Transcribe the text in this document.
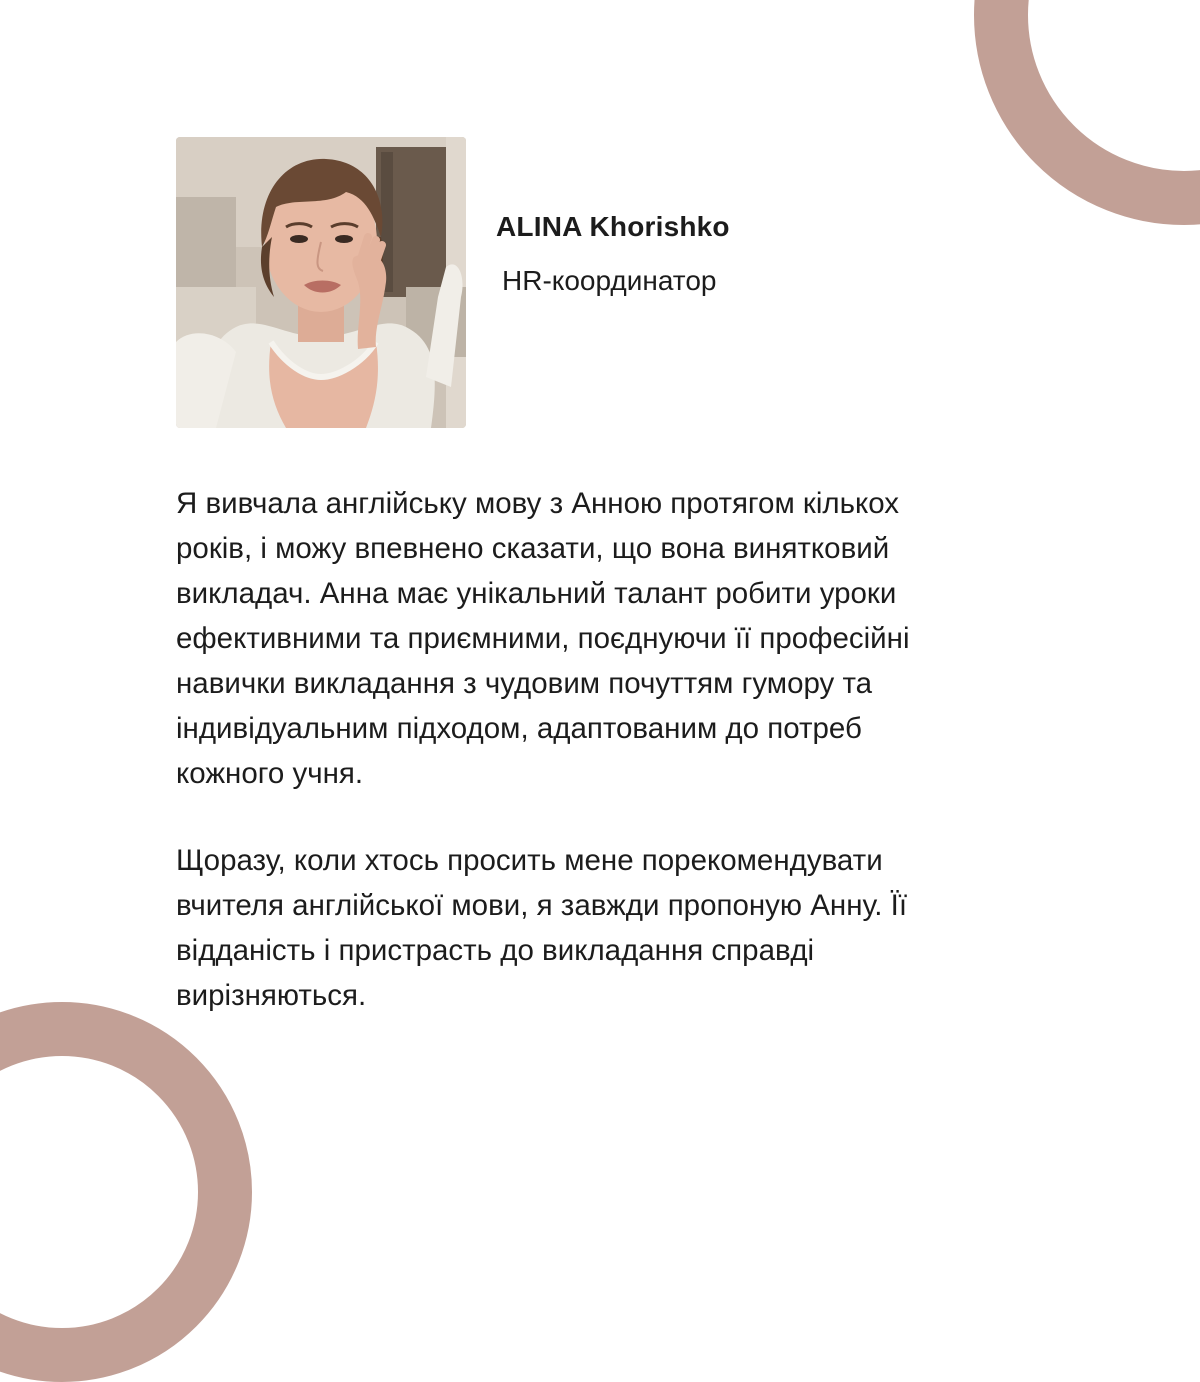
ALINA Khorishko
HR-координатор

Я вивчала англійську мову з Анною протягом кількох
років, і можу впевнено сказати, що вона винятковий
викладач. Анна має унікальний талант робити уроки
ефективними та приємними, поєднуючи її професійні
навички викладання з чудовим почуттям гумору та
індивідуальним підходом, адаптованим до потреб
кожного учня.

Щоразу, коли хтось просить мене порекомендувати
вчителя англійської мови, я завжди пропоную Анну. Її
відданість і пристрасть до викладання справді
вирізняються.
